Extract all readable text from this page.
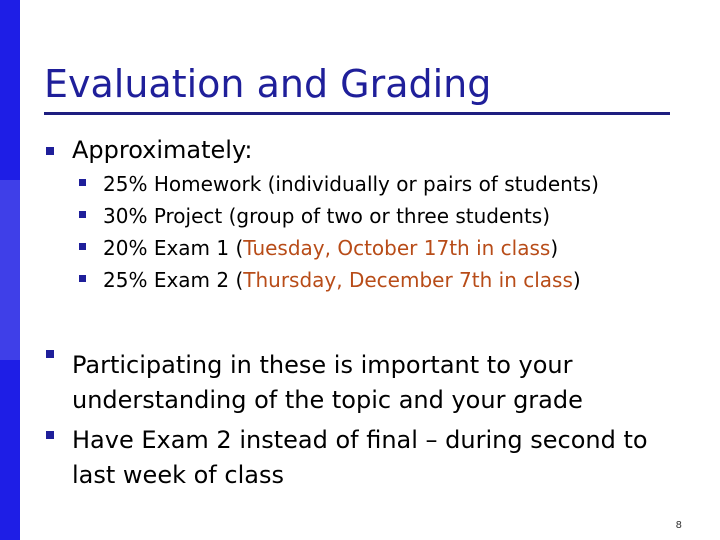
Evaluation and Grading
Approximately:
25% Homework (individually or pairs of students)
30% Project (group of two or three students)
20% Exam 1 (Tuesday, October 17th in class)
25% Exam 2 (Thursday, December 7th in class)
Participating in these is important to your
understanding of the topic and your grade
Have Exam 2 instead of final – during second to
last week of class
8
